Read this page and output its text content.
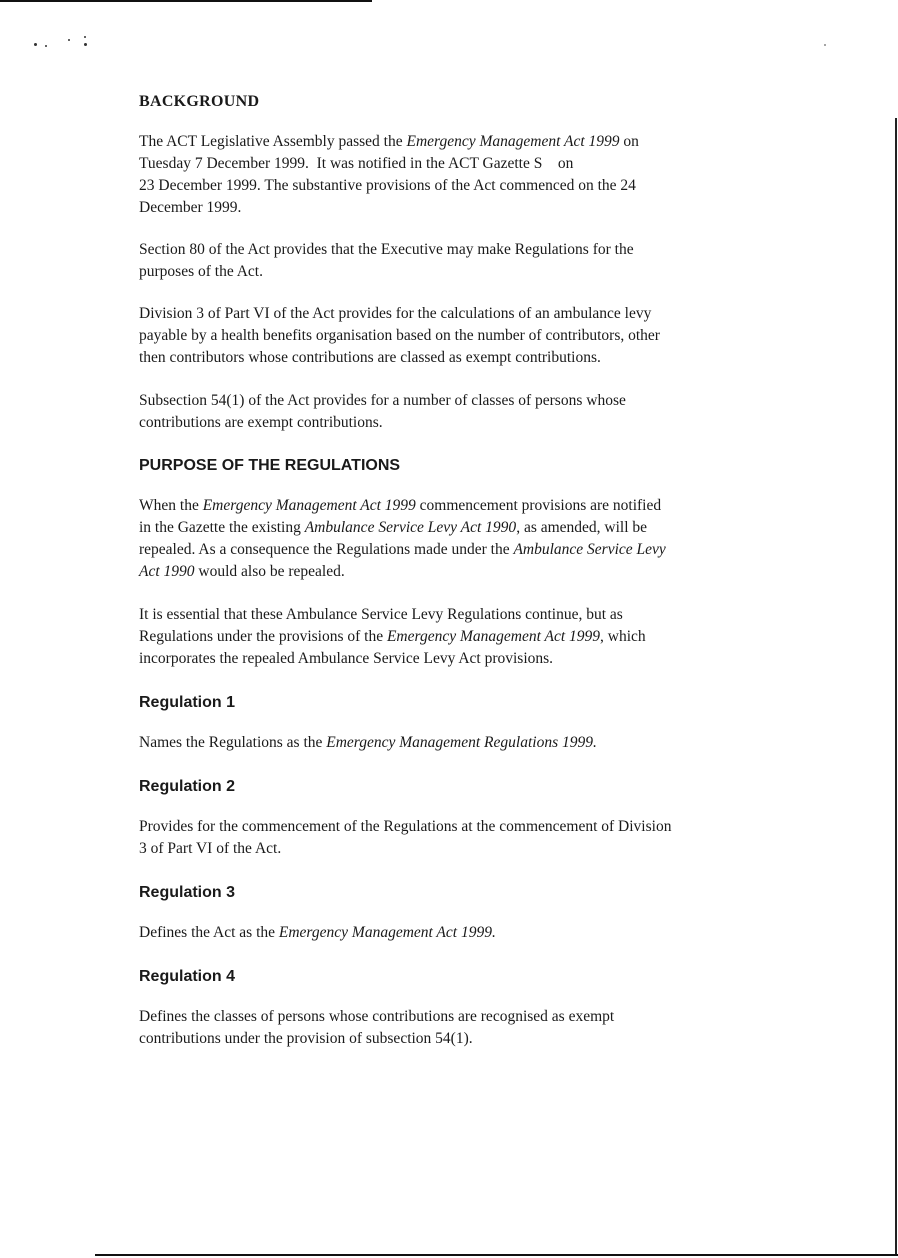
BACKGROUND

The ACT Legislative Assembly passed the Emergency Management Act 1999 on
Tuesday 7 December 1999.  It was notified in the ACT Gazette S    on
23 December 1999. The substantive provisions of the Act commenced on the 24
December 1999.

Section 80 of the Act provides that the Executive may make Regulations for the
purposes of the Act.

Division 3 of Part VI of the Act provides for the calculations of an ambulance levy
payable by a health benefits organisation based on the number of contributors, other
then contributors whose contributions are classed as exempt contributions.

Subsection 54(1) of the Act provides for a number of classes of persons whose
contributions are exempt contributions.

PURPOSE OF THE REGULATIONS

When the Emergency Management Act 1999 commencement provisions are notified
in the Gazette the existing Ambulance Service Levy Act 1990, as amended, will be
repealed. As a consequence the Regulations made under the Ambulance Service Levy
Act 1990 would also be repealed.

It is essential that these Ambulance Service Levy Regulations continue, but as
Regulations under the provisions of the Emergency Management Act 1999, which
incorporates the repealed Ambulance Service Levy Act provisions.

Regulation 1

Names the Regulations as the Emergency Management Regulations 1999.

Regulation 2

Provides for the commencement of the Regulations at the commencement of Division
3 of Part VI of the Act.

Regulation 3

Defines the Act as the Emergency Management Act 1999.

Regulation 4

Defines the classes of persons whose contributions are recognised as exempt
contributions under the provision of subsection 54(1).
